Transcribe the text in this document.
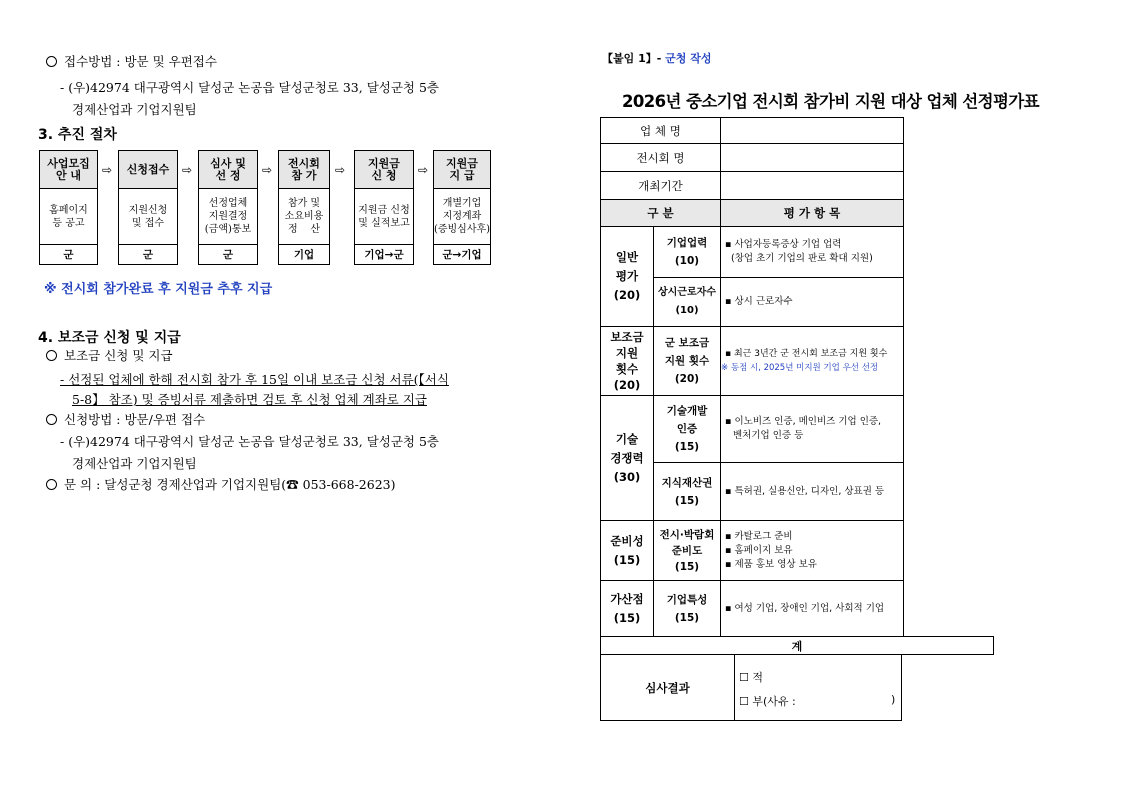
접수방법 : 방문 및 우편접수
- (우)42974 대구광역시 달성군 논공읍 달성군청로 33, 달성군청 5층
경제산업과 기업지원팀
3. 추진 절차
사업모집
안 내
홈페이지
등 공고
군
⇨ 신청접수
지원신청
및 접수
군
⇨ 심사 및
선 정
선정업체
지원결정
(금액)통보
군
⇨ 전시회
참 가
참가 및
소요비용
정    산
기업
⇨ 지원금
신 청
지원금 신청
및 실적보고
기업→군
⇨ 지원금
지 급
개별기업
지정계좌
(증빙심사후)
군→기업
※ 전시회 참가완료 후 지원금 추후 지급
4. 보조금 신청 및 지급
보조금 신청 및 지급
- 선정된 업체에 한해 전시회 참가 후 15일 이내 보조금 신청 서류(【서식
5-8】 참조) 및 증빙서류 제출하면 검토 후 신청 업체 계좌로 지급
신청방법 : 방문/우편 접수
- (우)42974 대구광역시 달성군 논공읍 달성군청로 33, 달성군청 5층
경제산업과 기업지원팀
문 의 : 달성군청 경제산업과 기업지원팀(☎ 053-668-2623)
【붙임 1】- 군청 작성
2026년 중소기업 전시회 참가비 지원 대상 업체 선정평가표
업 체 명
전시회 명
개최기간
구 분	평 가 항 목
일반
평가
(20)
기업업력
(10)
▪ 사업자등록증상 기업 업력
(창업 초기 기업의 판로 확대 지원)
상시근로자수
(10)
▪ 상시 근로자수
보조금
지원
횟수
(20)
군 보조금
지원 횟수
(20)
▪ 최근 3년간 군 전시회 보조금 지원 횟수
※ 동점 시, 2025년 미지원 기업 우선 선정
기술
경쟁력
(30)
기술개발
인증
(15)
▪ 이노비즈 인증, 메인비즈 기업 인증,
벤처기업 인증 등
지식재산권
(15)
▪ 특허권, 실용신안, 디자인, 상표권 등
준비성
(15)
전시·박람회
준비도
(15)
▪ 카탈로그 준비
▪ 홈페이지 보유
▪ 제품 홍보 영상 보유
가산점
(15)
기업특성
(15)
▪ 여성 기업, 장애인 기업, 사회적 기업
계
심사결과
☐ 적
☐ 부(사유 :	)
